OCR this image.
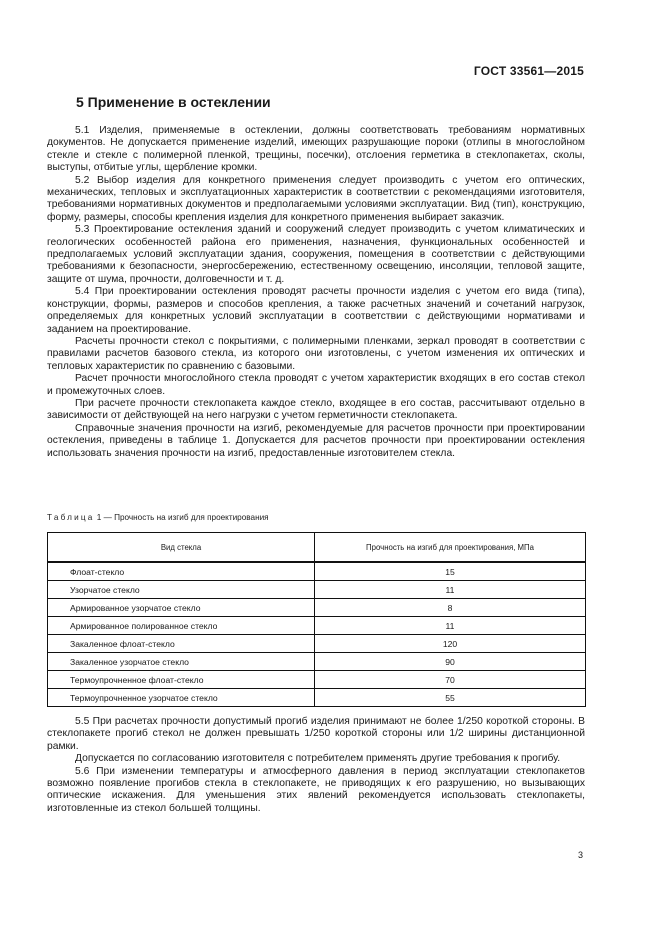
ГОСТ 33561—2015
5 Применение в остеклении

5.1 Изделия, применяемые в остеклении, должны соответствовать требованиям нормативных документов. Не допускается применение изделий, имеющих разрушающие пороки (отлипы в многослойном стекле и стекле с полимерной пленкой, трещины, посечки), отслоения герметика в стеклопакетах, сколы, выступы, отбитые углы, щербление кромки.

5.2 Выбор изделия для конкретного применения следует производить с учетом его оптических, механических, тепловых и эксплуатационных характеристик в соответствии с рекомендациями изготовителя, требованиями нормативных документов и предполагаемыми условиями эксплуатации. Вид (тип), конструкцию, форму, размеры, способы крепления изделия для конкретного применения выбирает заказчик.

5.3 Проектирование остекления зданий и сооружений следует производить с учетом климатических и геологических особенностей района его применения, назначения, функциональных особенностей и предполагаемых условий эксплуатации здания, сооружения, помещения в соответствии с действующими требованиями к безопасности, энергосбережению, естественному освещению, инсоляции, тепловой защите, защите от шума, прочности, долговечности и т. д.

5.4 При проектировании остекления проводят расчеты прочности изделия с учетом его вида (типа), конструкции, формы, размеров и способов крепления, а также расчетных значений и сочетаний нагрузок, определяемых для конкретных условий эксплуатации в соответствии с действующими нормативами и заданием на проектирование.

Расчеты прочности стекол с покрытиями, с полимерными пленками, зеркал проводят в соответствии с правилами расчетов базового стекла, из которого они изготовлены, с учетом изменения их оптических и тепловых характеристик по сравнению с базовыми.

Расчет прочности многослойного стекла проводят с учетом характеристик входящих в его состав стекол и промежуточных слоев.

При расчете прочности стеклопакета каждое стекло, входящее в его состав, рассчитывают отдельно в зависимости от действующей на него нагрузки с учетом герметичности стеклопакета.

Справочные значения прочности на изгиб, рекомендуемые для расчетов прочности при проектировании остекления, приведены в таблице 1. Допускается для расчетов прочности при проектировании остекления использовать значения прочности на изгиб, предоставленные изготовителем стекла.

Таблица 1 — Прочность на изгиб для проектирования
Вид стекла	Прочность на изгиб для проектирования, МПа
Флоат-стекло	15
Узорчатое стекло	11
Армированное узорчатое стекло	8
Армированное полированное стекло	11
Закаленное флоат-стекло	120
Закаленное узорчатое стекло	90
Термоупрочненное флоат-стекло	70
Термоупрочненное узорчатое стекло	55

5.5 При расчетах прочности допустимый прогиб изделия принимают не более 1/250 короткой стороны. В стеклопакете прогиб стекол не должен превышать 1/250 короткой стороны или 1/2 ширины дистанционной рамки.

Допускается по согласованию изготовителя с потребителем применять другие требования к прогибу.

5.6 При изменении температуры и атмосферного давления в период эксплуатации стеклопакетов возможно появление прогибов стекла в стеклопакете, не приводящих к его разрушению, но вызывающих оптические искажения. Для уменьшения этих явлений рекомендуется использовать стеклопакеты, изготовленные из стекол большей толщины.

3
